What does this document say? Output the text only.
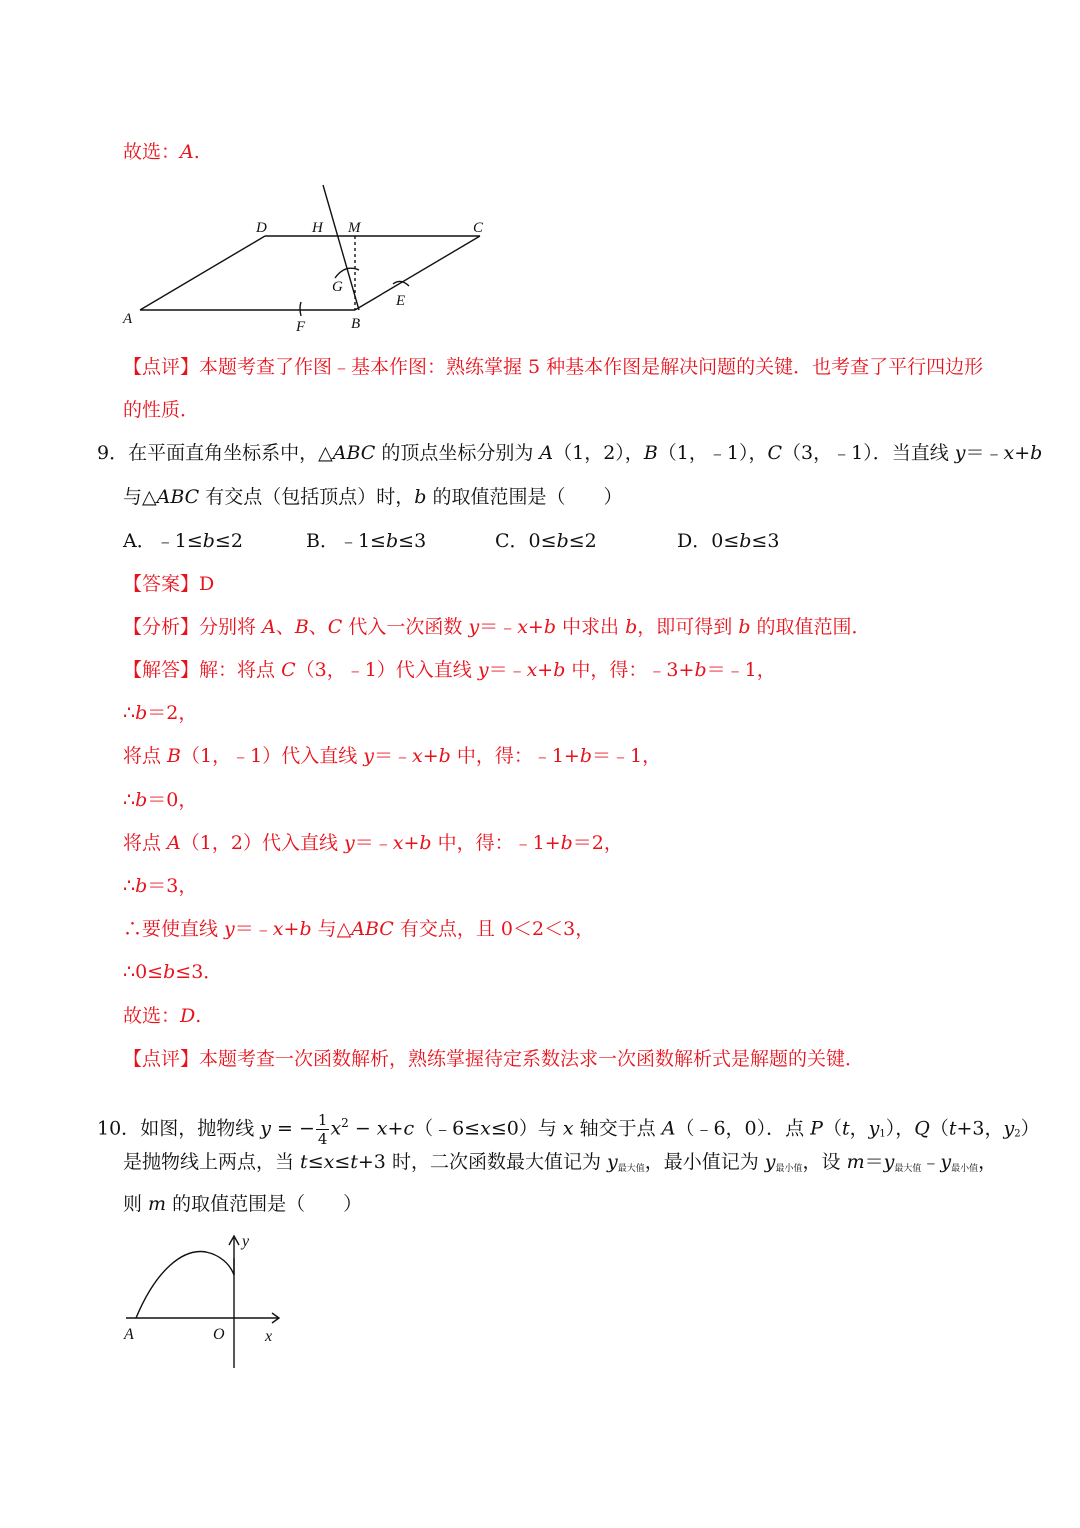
故选：A.
A	B
C
D
E
F
G
H M
【点评】本题考查了作图﹣基本作图：熟练掌握 5 种基本作图是解决问题的关键．也考查了平行四边形
的性质．
9．在平面直角坐标系中，△ABC 的顶点坐标分别为 A（1，2），B（1，﹣1），C（3，﹣1）．当直线 y＝﹣x+b
与△ABC 有交点（包括顶点）时，b 的取值范围是（　　）
A．﹣1≤b≤2	B．﹣1≤b≤3	C．0≤b≤2	D．0≤b≤3
【答案】D
【分析】分别将 A、B、C 代入一次函数 y＝﹣x+b 中求出 b，即可得到 b 的取值范围．
【解答】解：将点 C（3，﹣1）代入直线 y＝﹣x+b 中，得：﹣3+b＝﹣1，
∴b＝2，
将点 B（1，﹣1）代入直线 y＝﹣x+b 中，得：﹣1+b＝﹣1，
∴b＝0，
将点 A（1，2）代入直线 y＝﹣x+b 中，得：﹣1+b＝2，
∴b＝3，
∴要使直线 y＝﹣x+b 与△ABC 有交点，且 0＜2＜3，
∴0≤b≤3．
故选：D.
【点评】本题考查一次函数解析，熟练掌握待定系数法求一次函数解析式是解题的关键．
10．如图，抛物线 y = − $\frac{1}{4} x^2$ − x+c（﹣6≤x≤0）与 x 轴交于点 A（﹣6，0）．点 P（t，$y_1$），Q（t+3，$y_2$）
是抛物线上两点，当 t≤x≤t+3 时，二次函数最大值记为 y最大值，最小值记为 y最小值，设 m＝y最大值﹣y最小值，
则 m 的取值范围是（　　）
y
x
A	O
